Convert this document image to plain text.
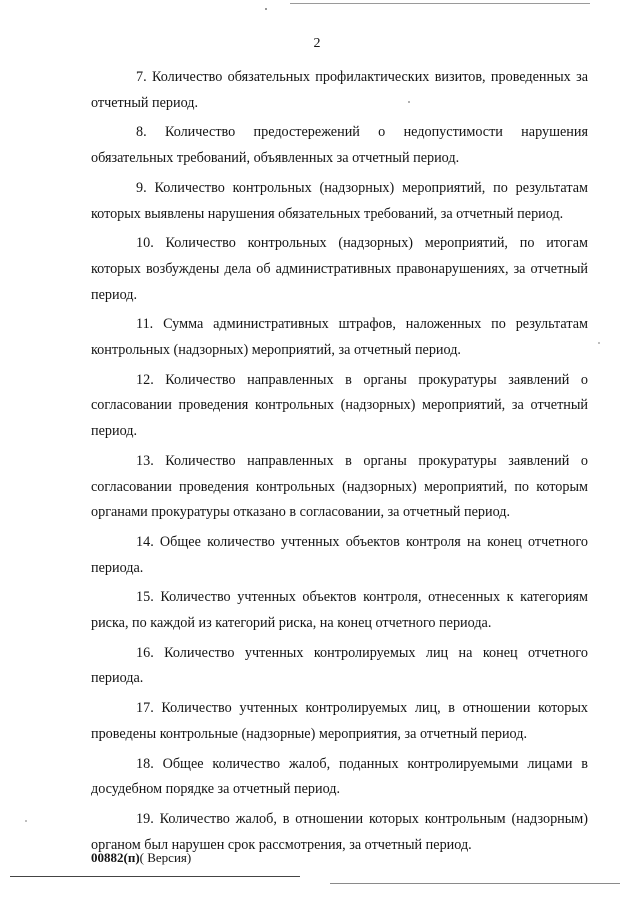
2

7. Количество обязательных профилактических визитов, проведенных за отчетный период.

8. Количество предостережений о недопустимости нарушения обязательных требований, объявленных за отчетный период.

9. Количество контрольных (надзорных) мероприятий, по результатам которых выявлены нарушения обязательных требований, за отчетный период.

10. Количество контрольных (надзорных) мероприятий, по итогам которых возбуждены дела об административных правонарушениях, за отчетный период.

11. Сумма административных штрафов, наложенных по результатам контрольных (надзорных) мероприятий, за отчетный период.

12. Количество направленных в органы прокуратуры заявлений о согласовании проведения контрольных (надзорных) мероприятий, за отчетный период.

13. Количество направленных в органы прокуратуры заявлений о согласовании проведения контрольных (надзорных) мероприятий, по которым органами прокуратуры отказано в согласовании, за отчетный период.

14. Общее количество учтенных объектов контроля на конец отчетного периода.

15. Количество учтенных объектов контроля, отнесенных к категориям риска, по каждой из категорий риска, на конец отчетного периода.

16. Количество учтенных контролируемых лиц на конец отчетного периода.

17. Количество учтенных контролируемых лиц, в отношении которых проведены контрольные (надзорные) мероприятия, за отчетный период.

18. Общее количество жалоб, поданных контролируемыми лицами в досудебном порядке за отчетный период.

19. Количество жалоб, в отношении которых контрольным (надзорным) органом был нарушен срок рассмотрения, за отчетный период.

00882(п)( Версия)
